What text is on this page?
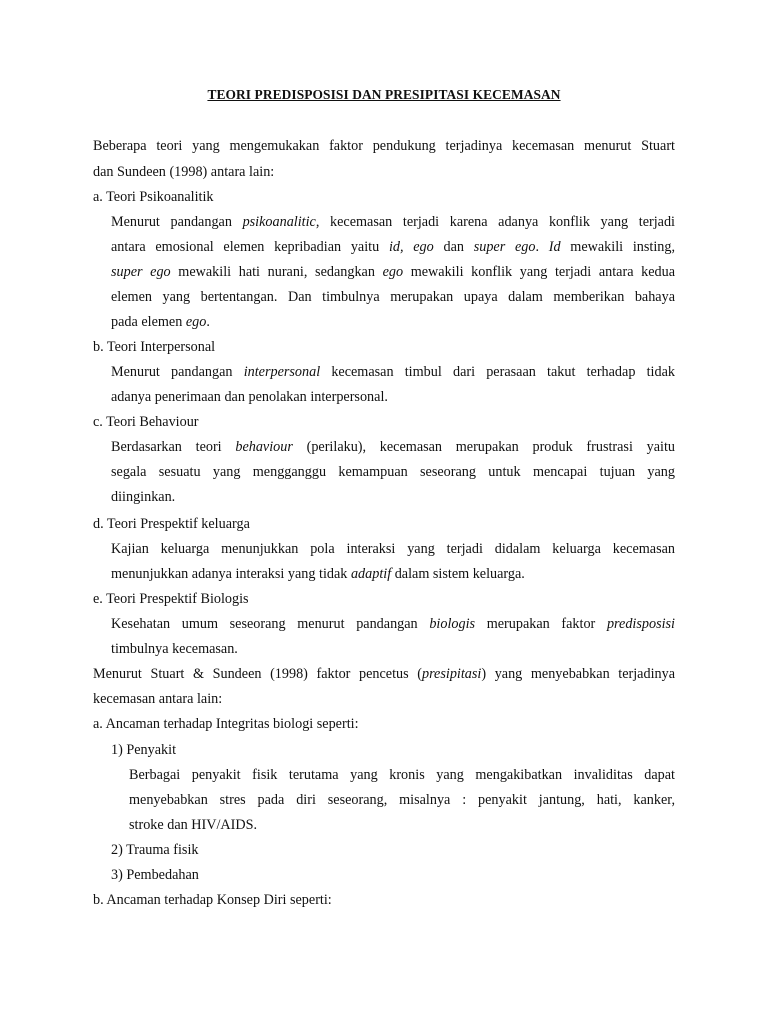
TEORI PREDISPOSISI DAN PRESIPITASI KECEMASAN
Beberapa teori yang mengemukakan faktor pendukung terjadinya kecemasan menurut Stuart
dan Sundeen (1998) antara lain:
a. Teori Psikoanalitik
Menurut pandangan psikoanalitic, kecemasan terjadi karena adanya konflik yang terjadi
antara emosional elemen kepribadian yaitu id, ego dan super ego. Id mewakili insting,
super ego mewakili hati nurani, sedangkan ego mewakili konflik yang terjadi antara kedua
elemen yang bertentangan. Dan timbulnya merupakan upaya dalam memberikan bahaya
pada elemen ego.
b. Teori Interpersonal
Menurut pandangan interpersonal kecemasan timbul dari perasaan takut terhadap tidak
adanya penerimaan dan penolakan interpersonal.
c. Teori Behaviour
Berdasarkan teori behaviour (perilaku), kecemasan merupakan produk frustrasi yaitu
segala sesuatu yang mengganggu kemampuan seseorang untuk mencapai tujuan yang
diinginkan.
d. Teori Prespektif keluarga
Kajian keluarga menunjukkan pola interaksi yang terjadi didalam keluarga kecemasan
menunjukkan adanya interaksi yang tidak adaptif dalam sistem keluarga.
e. Teori Prespektif Biologis
Kesehatan umum seseorang menurut pandangan biologis merupakan faktor predisposisi
timbulnya kecemasan.
Menurut Stuart & Sundeen (1998) faktor pencetus (presipitasi) yang menyebabkan terjadinya
kecemasan antara lain:
a. Ancaman terhadap Integritas biologi seperti:
1) Penyakit
Berbagai penyakit fisik terutama yang kronis yang mengakibatkan invaliditas dapat
menyebabkan stres pada diri seseorang, misalnya : penyakit jantung, hati, kanker,
stroke dan HIV/AIDS.
2) Trauma fisik
3) Pembedahan
b. Ancaman terhadap Konsep Diri seperti:
